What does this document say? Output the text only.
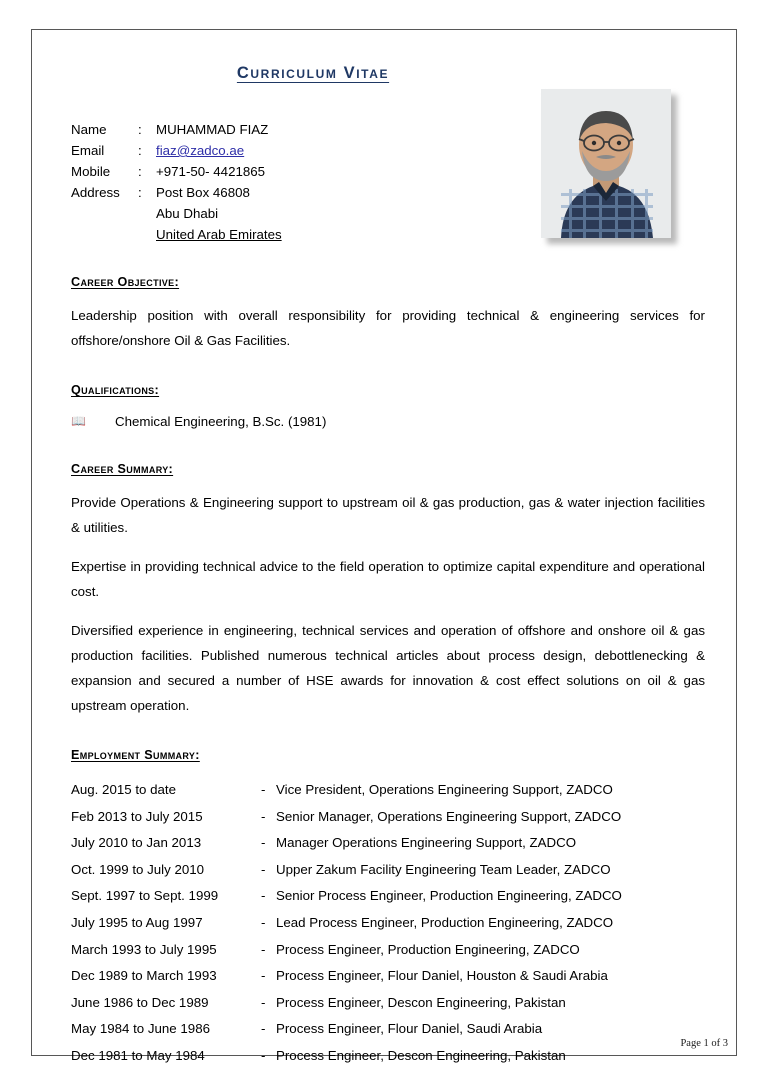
Curriculum Vitae
Name	:	MUHAMMAD FIAZ
Email	:	fiaz@zadco.ae
Mobile	:	+971-50- 4421865
Address	:	Post Box 46808
Abu Dhabi
United Arab Emirates
Career Objective:

Leadership position with overall responsibility for providing technical & engineering services for offshore/onshore Oil & Gas Facilities.

Qualifications:
📖 Chemical Engineering, B.Sc. (1981)
Career Summary:

Provide Operations & Engineering support to upstream oil & gas production, gas & water injection facilities & utilities.

Expertise in providing technical advice to the field operation to optimize capital expenditure and operational cost.

Diversified experience in engineering, technical services and operation of offshore and onshore oil & gas production facilities. Published numerous technical articles about process design, debottlenecking & expansion and secured a number of HSE awards for innovation & cost effect solutions on oil & gas upstream operation.

Employment Summary:
Aug. 2015 to date	- Vice President, Operations Engineering Support, ZADCO
Feb 2013 to July 2015	- Senior Manager, Operations Engineering Support, ZADCO
July 2010 to Jan 2013	- Manager Operations Engineering Support, ZADCO
Oct. 1999 to July 2010	- Upper Zakum Facility Engineering Team Leader, ZADCO
Sept. 1997 to Sept. 1999	- Senior Process Engineer, Production Engineering, ZADCO
July 1995 to Aug 1997	- Lead Process Engineer, Production Engineering, ZADCO
March 1993 to July 1995	- Process Engineer, Production Engineering, ZADCO
Dec 1989 to March 1993	- Process Engineer, Flour Daniel, Houston & Saudi Arabia
June 1986 to Dec 1989	- Process Engineer, Descon Engineering, Pakistan
May 1984 to June 1986	- Process Engineer, Flour Daniel, Saudi Arabia
Dec 1981 to May 1984	- Process Engineer, Descon Engineering, Pakistan
Page 1 of 3
